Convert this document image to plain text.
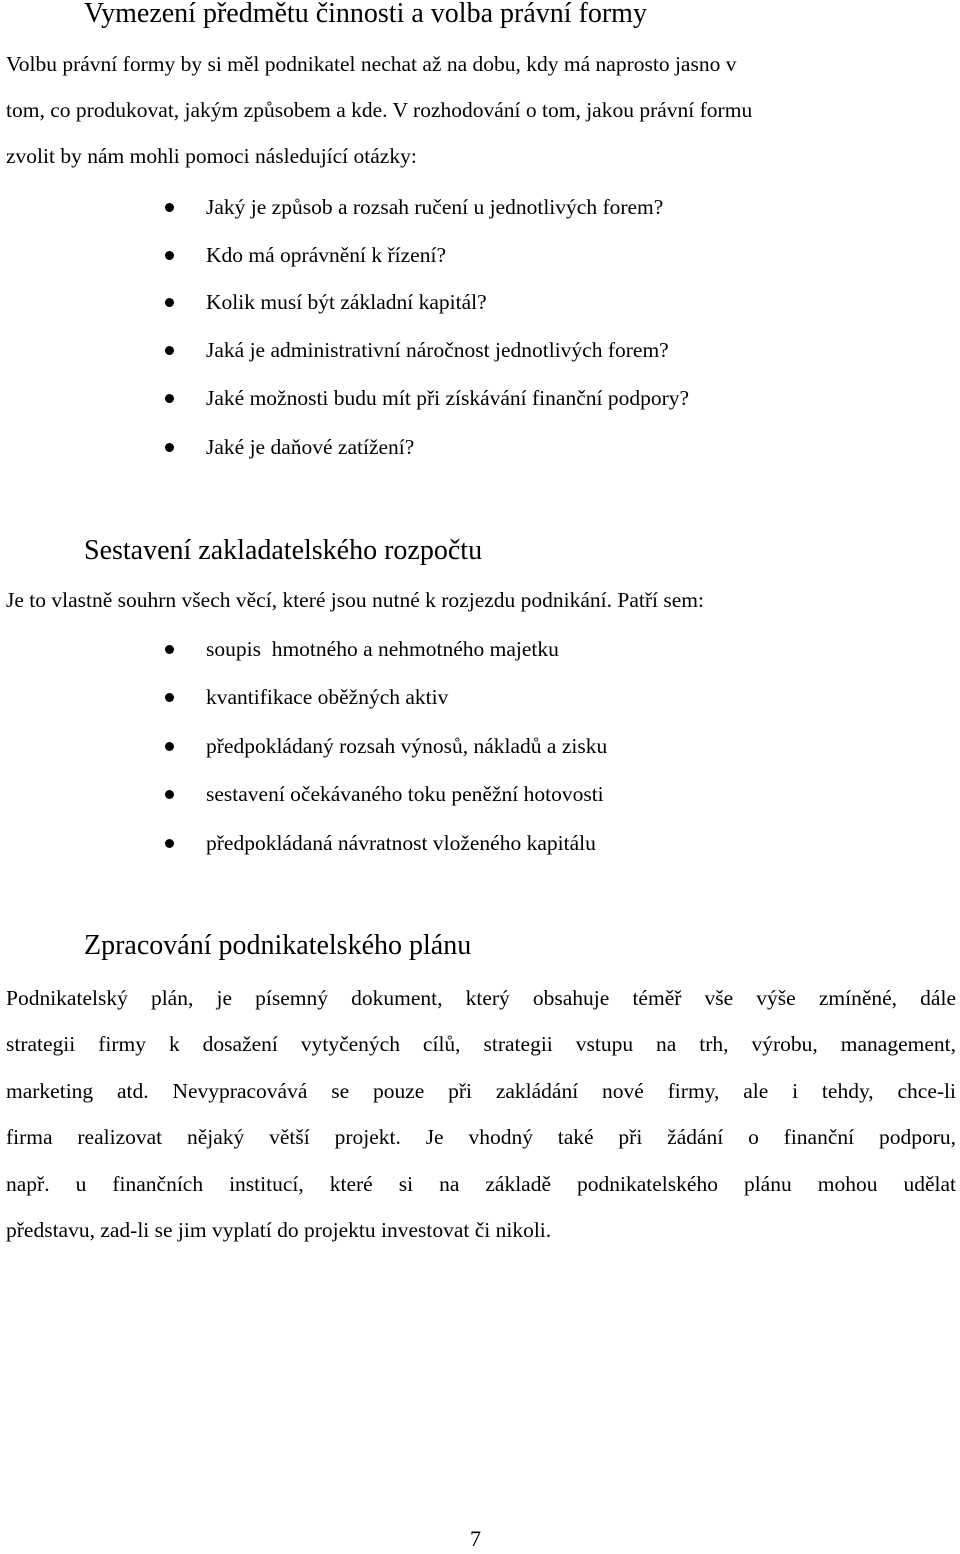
Vymezení předmětu činnosti a volba právní formy

Volbu právní formy by si měl podnikatel nechat až na dobu, kdy má naprosto jasno v

tom, co produkovat, jakým způsobem a kde. V rozhodování o tom, jakou právní formu

zvolit by nám mohli pomoci následující otázky:

Jaký je způsob a rozsah ručení u jednotlivých forem?
Kdo má oprávnění k řízení?
Kolik musí být základní kapitál?
Jaká je administrativní náročnost jednotlivých forem?
Jaké možnosti budu mít při získávání finanční podpory?
Jaké je daňové zatížení?
Sestavení zakladatelského rozpočtu

Je to vlastně souhrn všech věcí, které jsou nutné k rozjezdu podnikání. Patří sem:

soupis  hmotného a nehmotného majetku
kvantifikace oběžných aktiv
předpokládaný rozsah výnosů, nákladů a zisku
sestavení očekávaného toku peněžní hotovosti
předpokládaná návratnost vloženého kapitálu
Zpracování podnikatelského plánu
Podnikatelský plán, je písemný dokument, který obsahuje téměř vše výše zmíněné, dále
strategii firmy k dosažení vytyčených cílů, strategii vstupu na trh, výrobu, management,
marketing atd. Nevypracovává se pouze při zakládání nové firmy, ale i tehdy, chce-li
firma realizovat nějaký větší projekt. Je vhodný také při žádání o finanční podporu,
např. u finančních institucí, které si na základě podnikatelského plánu mohou udělat
představu, zad-li se jim vyplatí do projektu investovat či nikoli.
7
